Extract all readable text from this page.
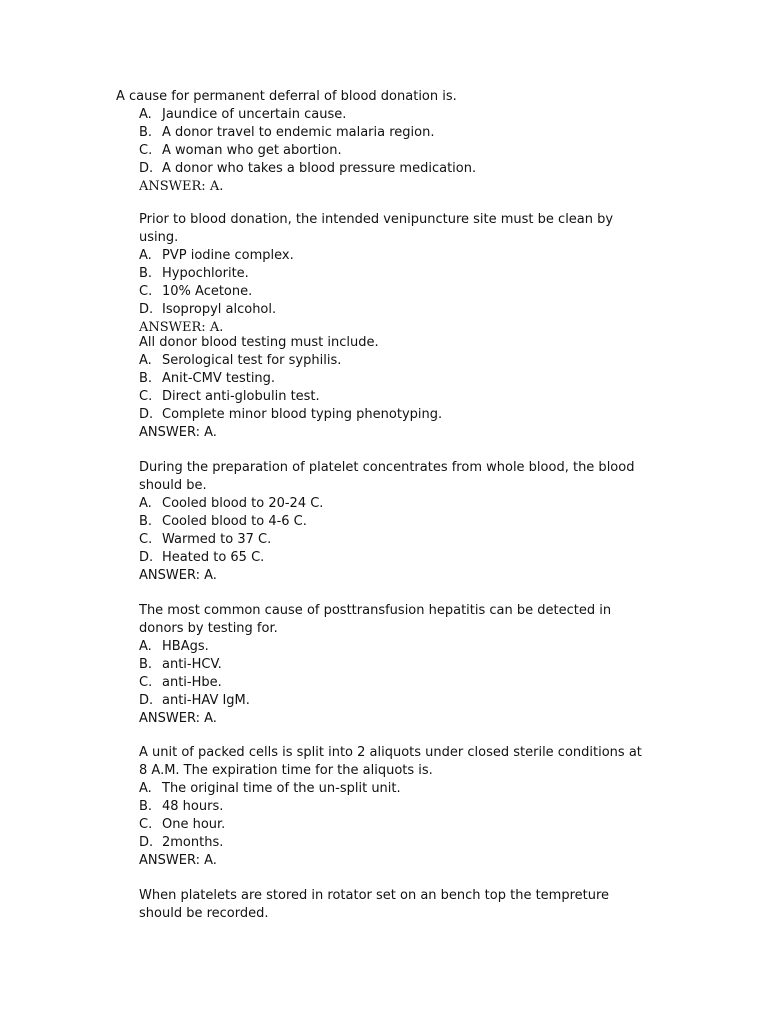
A cause for permanent deferral of blood donation is.

A. Jaundice of uncertain cause.
B. A donor travel to endemic malaria region.
C. A woman who get abortion.
D. A donor who takes a blood pressure medication.

ANSWER: A.

Prior to blood donation, the intended venipuncture site must be clean by using.

A. PVP iodine complex.
B. Hypochlorite.
C. 10% Acetone.
D. Isopropyl alcohol.

ANSWER: A.

All donor blood testing must include.

A. Serological test for syphilis.
B. Anit-CMV testing.
C. Direct anti-globulin test.
D. Complete minor blood typing phenotyping.

ANSWER: A.

During the preparation of platelet concentrates from whole blood, the blood should be.

A. Cooled blood to 20-24 C.
B. Cooled blood to 4-6 C.
C. Warmed to 37 C.
D. Heated to 65 C.

ANSWER: A.

The most common cause of posttransfusion hepatitis can be detected in donors by testing for.

A. HBAgs.
B. anti-HCV.
C. anti-Hbe.
D. anti-HAV IgM.

ANSWER: A.

A unit of packed cells is split into 2 aliquots under closed sterile conditions at 8 A.M. The expiration time for the aliquots is.

A. The original time of the un-split unit.
B. 48 hours.
C. One hour.
D. 2months.

ANSWER: A.

When platelets are stored in rotator set on an bench top the tempreture should be recorded.
